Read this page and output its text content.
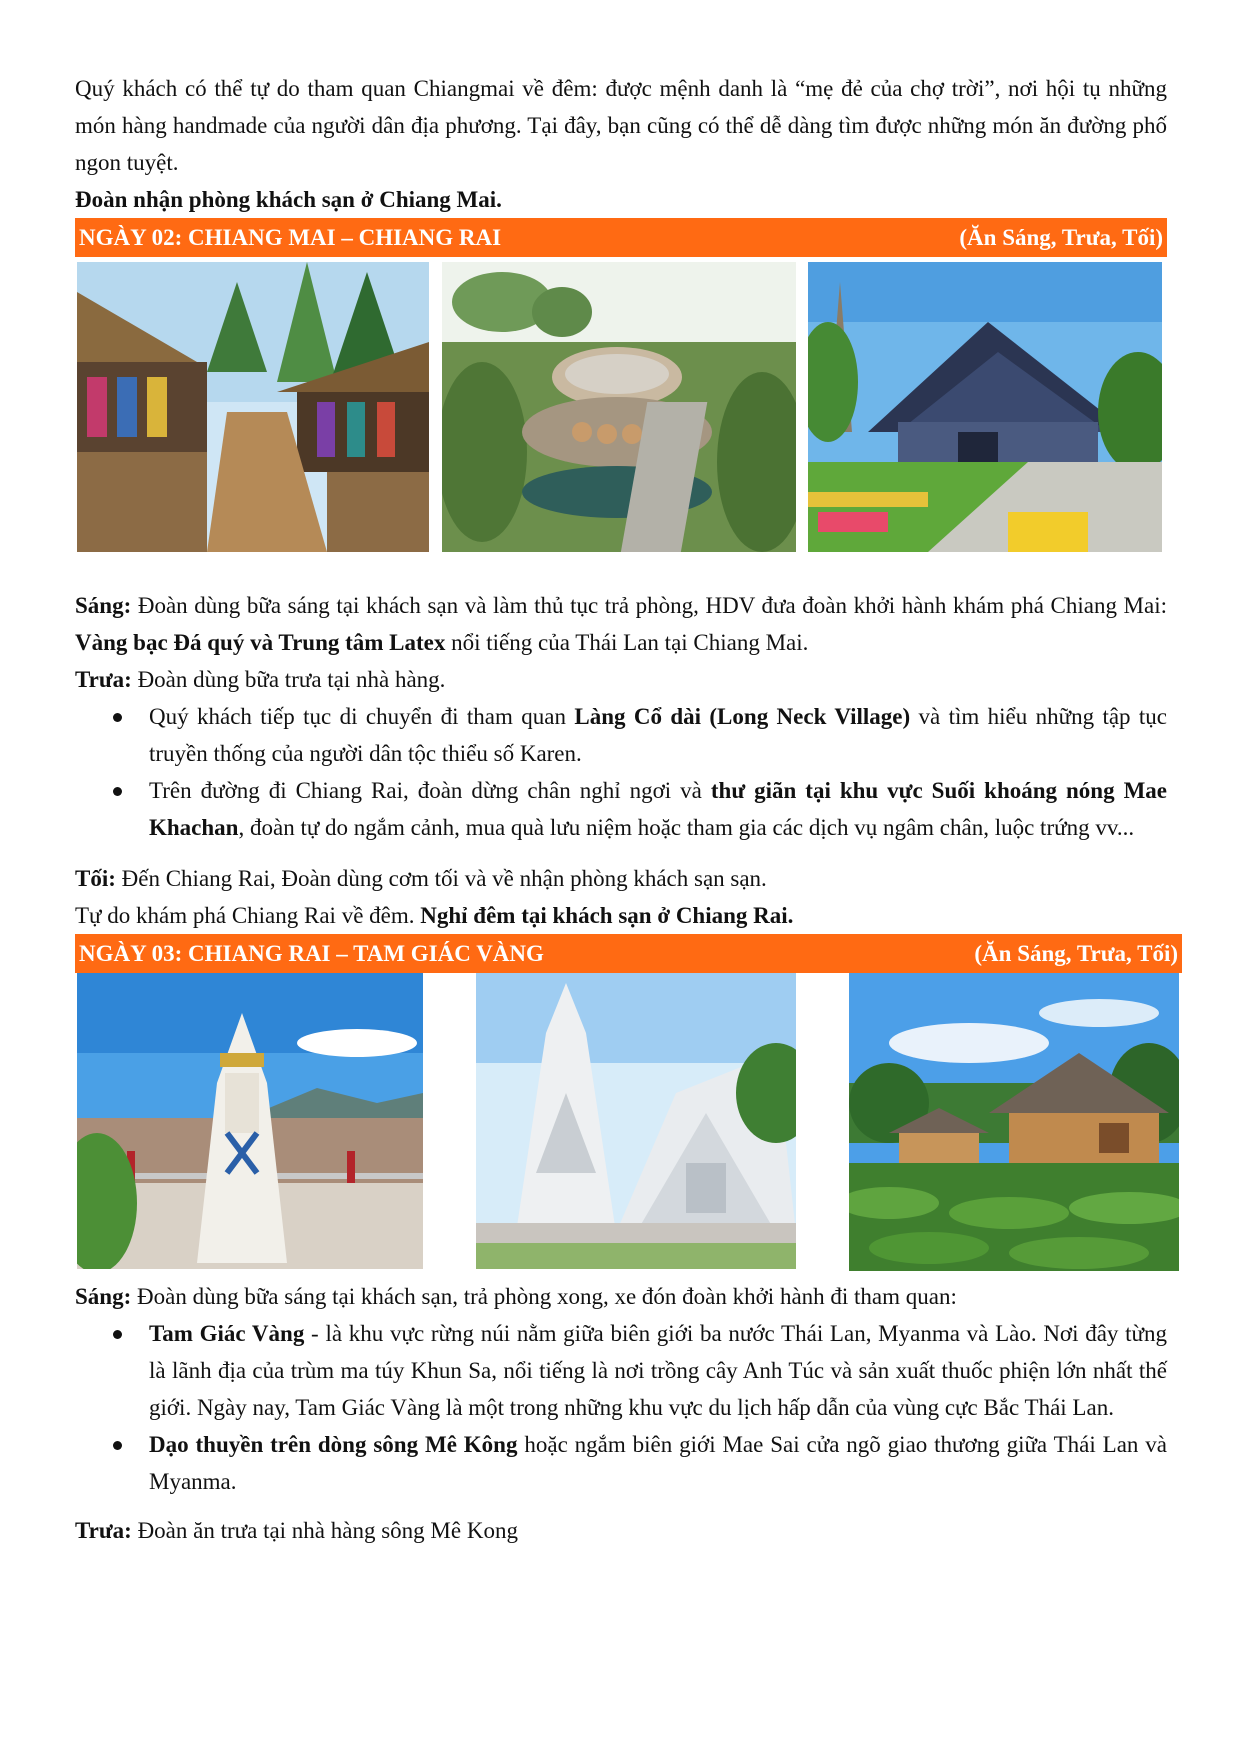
Quý khách có thể tự do tham quan Chiangmai về đêm: được mệnh danh là “mẹ đẻ của chợ trời”, nơi hội tụ những món hàng handmade của người dân địa phương. Tại đây, bạn cũng có thể dễ dàng tìm được những món ăn đường phố ngon tuyệt.

Đoàn nhận phòng khách sạn ở Chiang Mai.

NGÀY 02: CHIANG MAI – CHIANG RAI	(Ăn Sáng, Trưa, Tối)

Sáng: Đoàn dùng bữa sáng tại khách sạn và làm thủ tục trả phòng, HDV đưa đoàn khởi hành khám phá Chiang Mai: Vàng bạc Đá quý và Trung tâm Latex nổi tiếng của Thái Lan tại Chiang Mai.

Trưa: Đoàn dùng bữa trưa tại nhà hàng.

Quý khách tiếp tục di chuyển đi tham quan Làng Cổ dài (Long Neck Village) và tìm hiểu những tập tục truyền thống của người dân tộc thiểu số Karen.
Trên đường đi Chiang Rai, đoàn dừng chân nghỉ ngơi và thư giãn tại khu vực Suối khoáng nóng Mae Khachan, đoàn tự do ngắm cảnh, mua quà lưu niệm hoặc tham gia các dịch vụ ngâm chân, luộc trứng vv...

Tối: Đến Chiang Rai, Đoàn dùng cơm tối và về nhận phòng khách sạn sạn.

Tự do khám phá Chiang Rai về đêm. Nghỉ đêm tại khách sạn ở Chiang Rai.

NGÀY 03: CHIANG RAI – TAM GIÁC VÀNG	(Ăn Sáng, Trưa, Tối)

Sáng: Đoàn dùng bữa sáng tại khách sạn, trả phòng xong, xe đón đoàn khởi hành đi tham quan:

Tam Giác Vàng - là khu vực rừng núi nằm giữa biên giới ba nước Thái Lan, Myanma và Lào. Nơi đây từng là lãnh địa của trùm ma túy Khun Sa, nổi tiếng là nơi trồng cây Anh Túc và sản xuất thuốc phiện lớn nhất thế giới. Ngày nay, Tam Giác Vàng là một trong những khu vực du lịch hấp dẫn của vùng cực Bắc Thái Lan.
Dạo thuyền trên dòng sông Mê Kông hoặc ngắm biên giới Mae Sai cửa ngõ giao thương giữa Thái Lan và Myanma.

Trưa: Đoàn ăn trưa tại nhà hàng sông Mê Kong
